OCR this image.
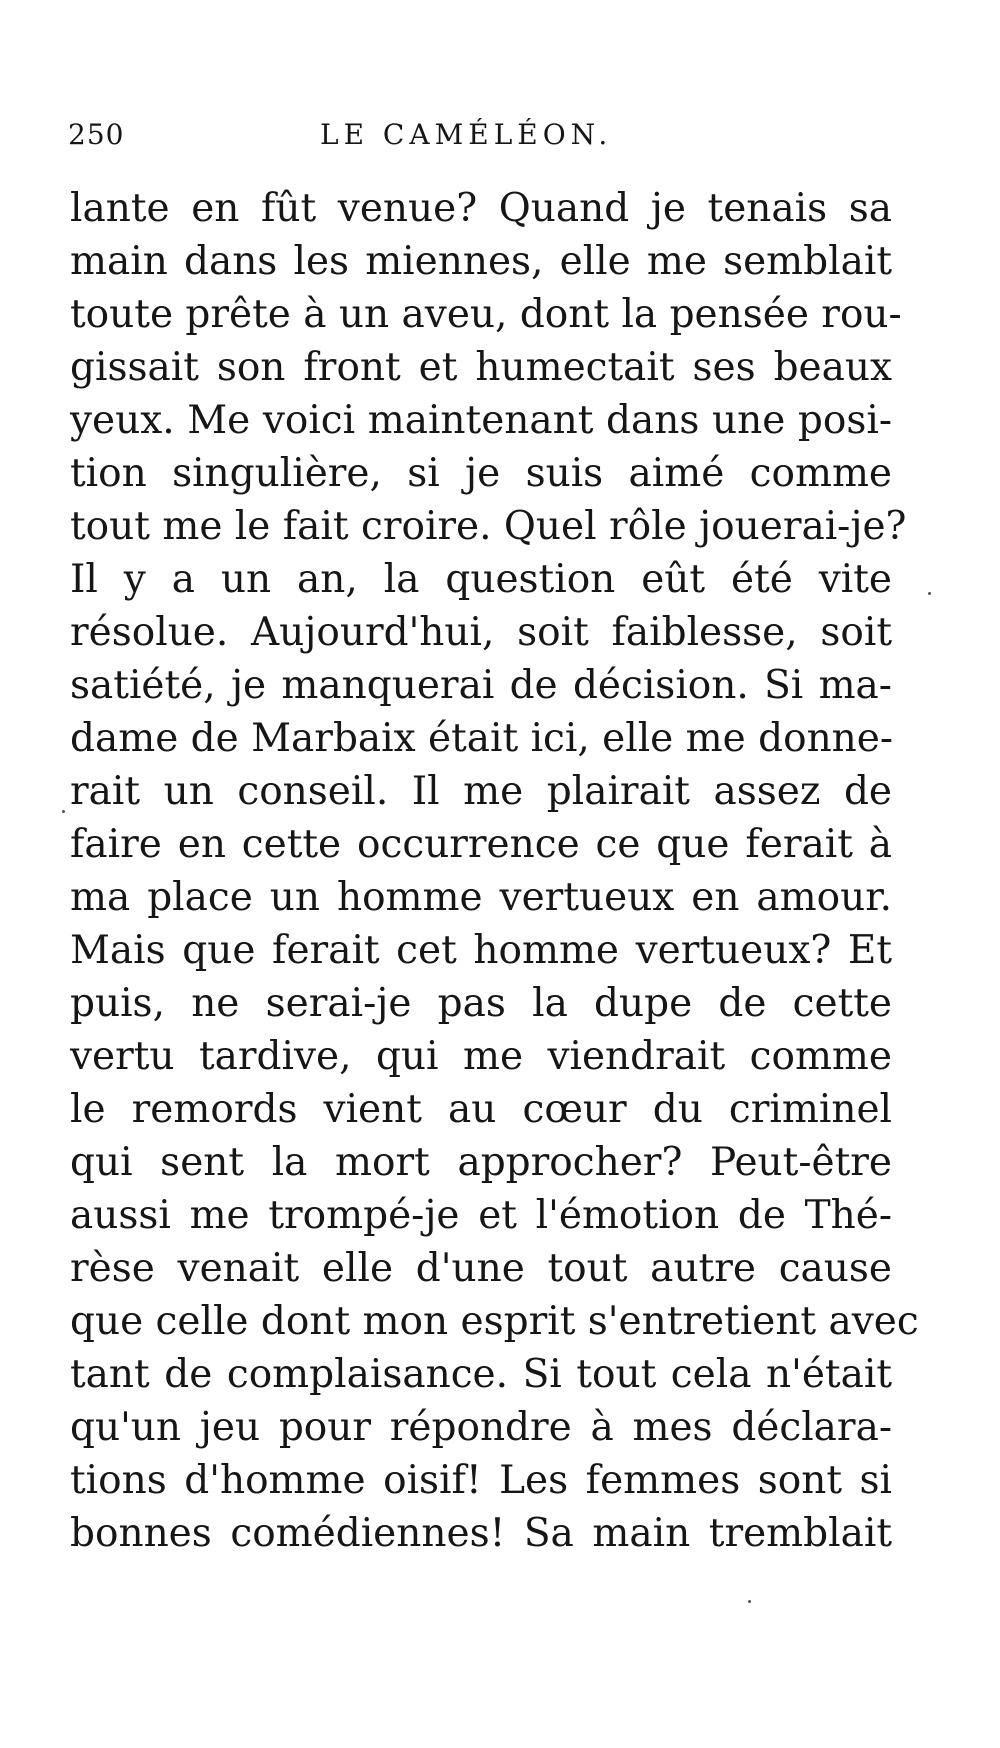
250	LE CAMÉLÉON.
lante en fût venue? Quand je tenais sa
main dans les miennes, elle me semblait
toute prête à un aveu, dont la pensée rou-
gissait son front et humectait ses beaux
yeux. Me voici maintenant dans une posi-
tion singulière, si je suis aimé comme
tout me le fait croire. Quel rôle jouerai-je?
Il y a un an, la question eût été vite
résolue. Aujourd'hui, soit faiblesse, soit
satiété, je manquerai de décision. Si ma-
dame de Marbaix était ici, elle me donne-
rait un conseil. Il me plairait assez de
faire en cette occurrence ce que ferait à
ma place un homme vertueux en amour.
Mais que ferait cet homme vertueux? Et
puis, ne serai-je pas la dupe de cette
vertu tardive, qui me viendrait comme
le remords vient au cœur du criminel
qui sent la mort approcher? Peut-être
aussi me trompé-je et l'émotion de Thé-
rèse venait elle d'une tout autre cause
que celle dont mon esprit s'entretient avec
tant de complaisance. Si tout cela n'était
qu'un jeu pour répondre à mes déclara-
tions d'homme oisif! Les femmes sont si
bonnes comédiennes! Sa main tremblait
